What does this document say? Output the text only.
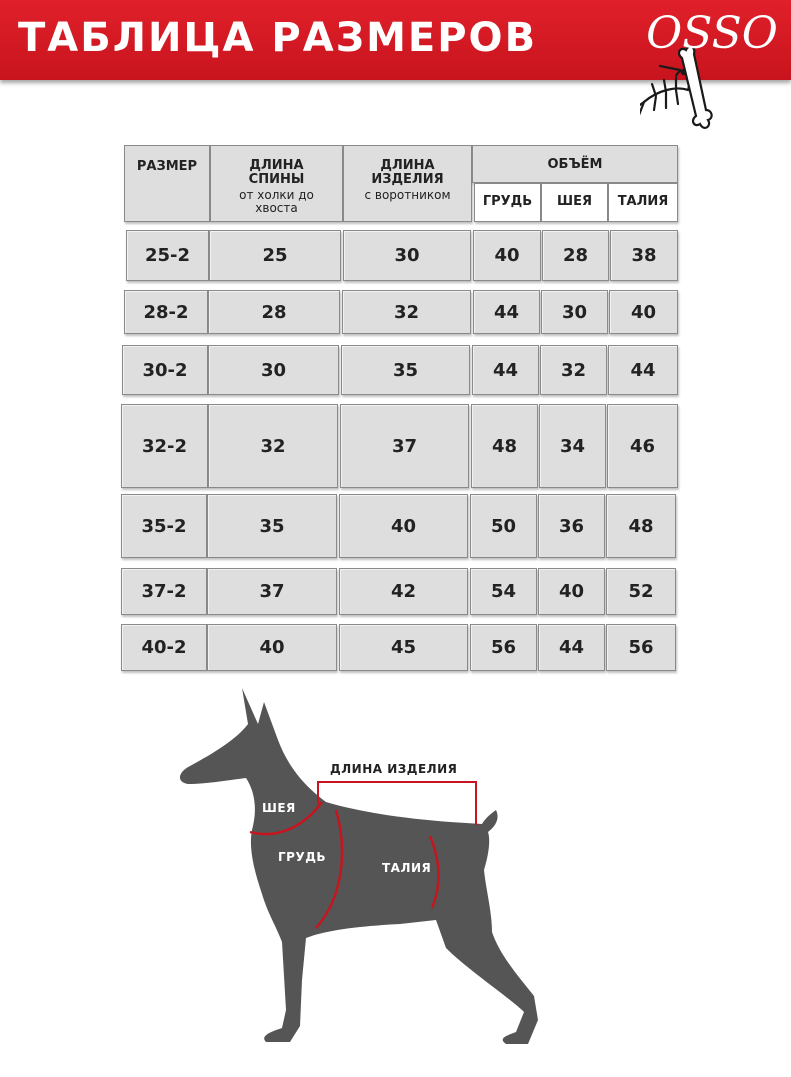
ТАБЛИЦА РАЗМЕРОВ OSSO
РАЗМЕР	ДЛИНА СПИНЫ
от холки до хвоста
ДЛИНА ИЗДЕЛИЯ
с воротником
ОБЪЁМ
ГРУДЬ	ШЕЯ	ТАЛИЯ
25-2	25	30	40	28	38
28-2	28	32	44	30	40
30-2	30	35	44	32	44
32-2	32	37	48	34	46
35-2	35	40	50	36	48
37-2	37	42	54	40	52
40-2	40	45	56	44	56
ДЛИНА ИЗДЕЛИЯ
ШЕЯ
ГРУДЬ
ТАЛИЯ
